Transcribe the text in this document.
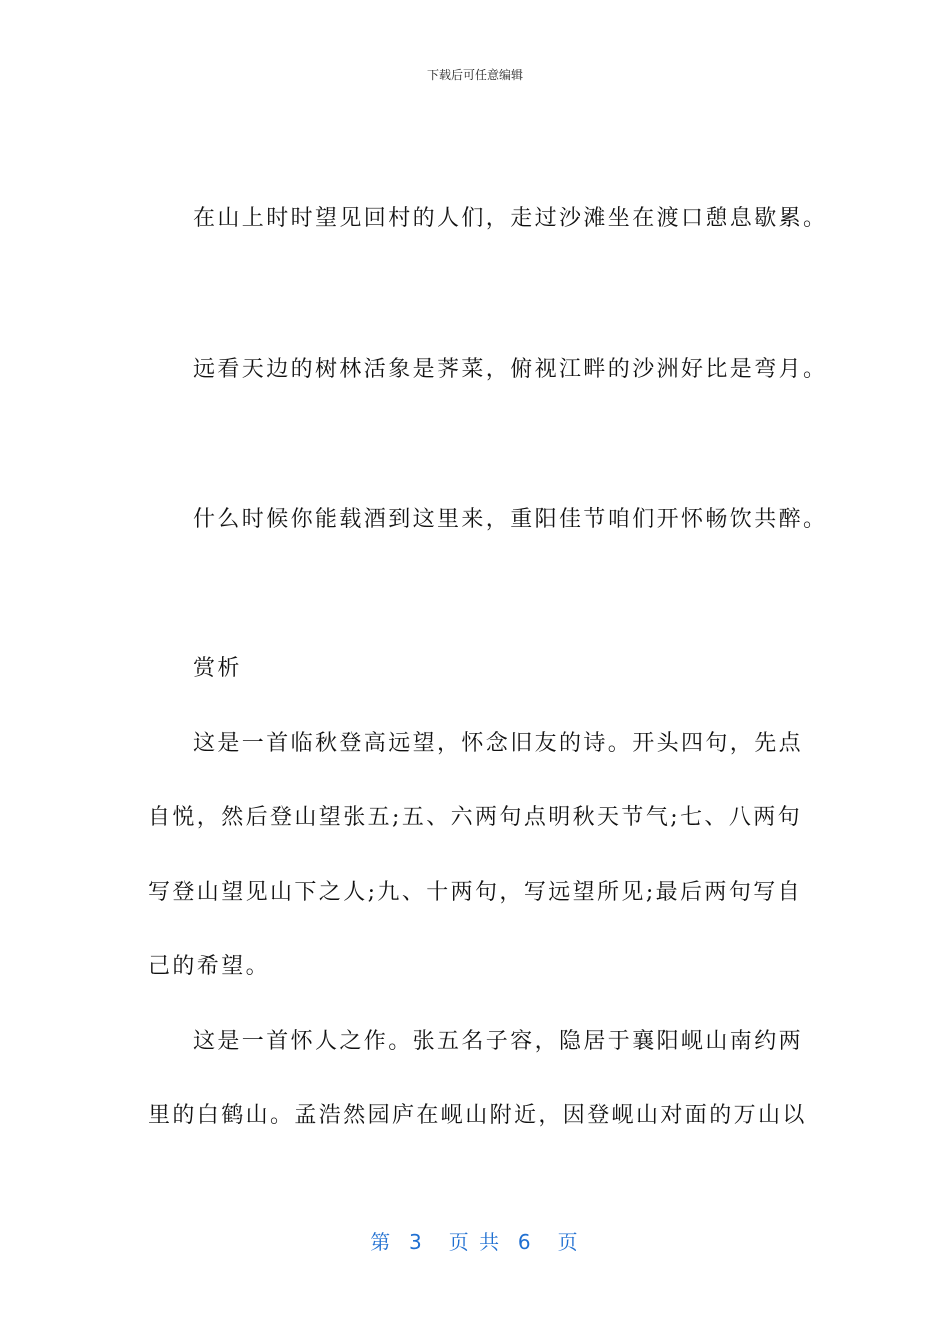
下载后可任意编辑
在山上时时望见回村的人们，走过沙滩坐在渡口憩息歇累。
远看天边的树林活象是荠菜，俯视江畔的沙洲好比是弯月。
什么时候你能载酒到这里来，重阳佳节咱们开怀畅饮共醉。
赏析
这是一首临秋登高远望，怀念旧友的诗。开头四句，先点
自悦，然后登山望张五;五、六两句点明秋天节气;七、八两句
写登山望见山下之人;九、十两句，写远望所见;最后两句写自
己的希望。
这是一首怀人之作。张五名子容，隐居于襄阳岘山南约两
里的白鹤山。孟浩然园庐在岘山附近，因登岘山对面的万山以
第  3   页 共  6   页
